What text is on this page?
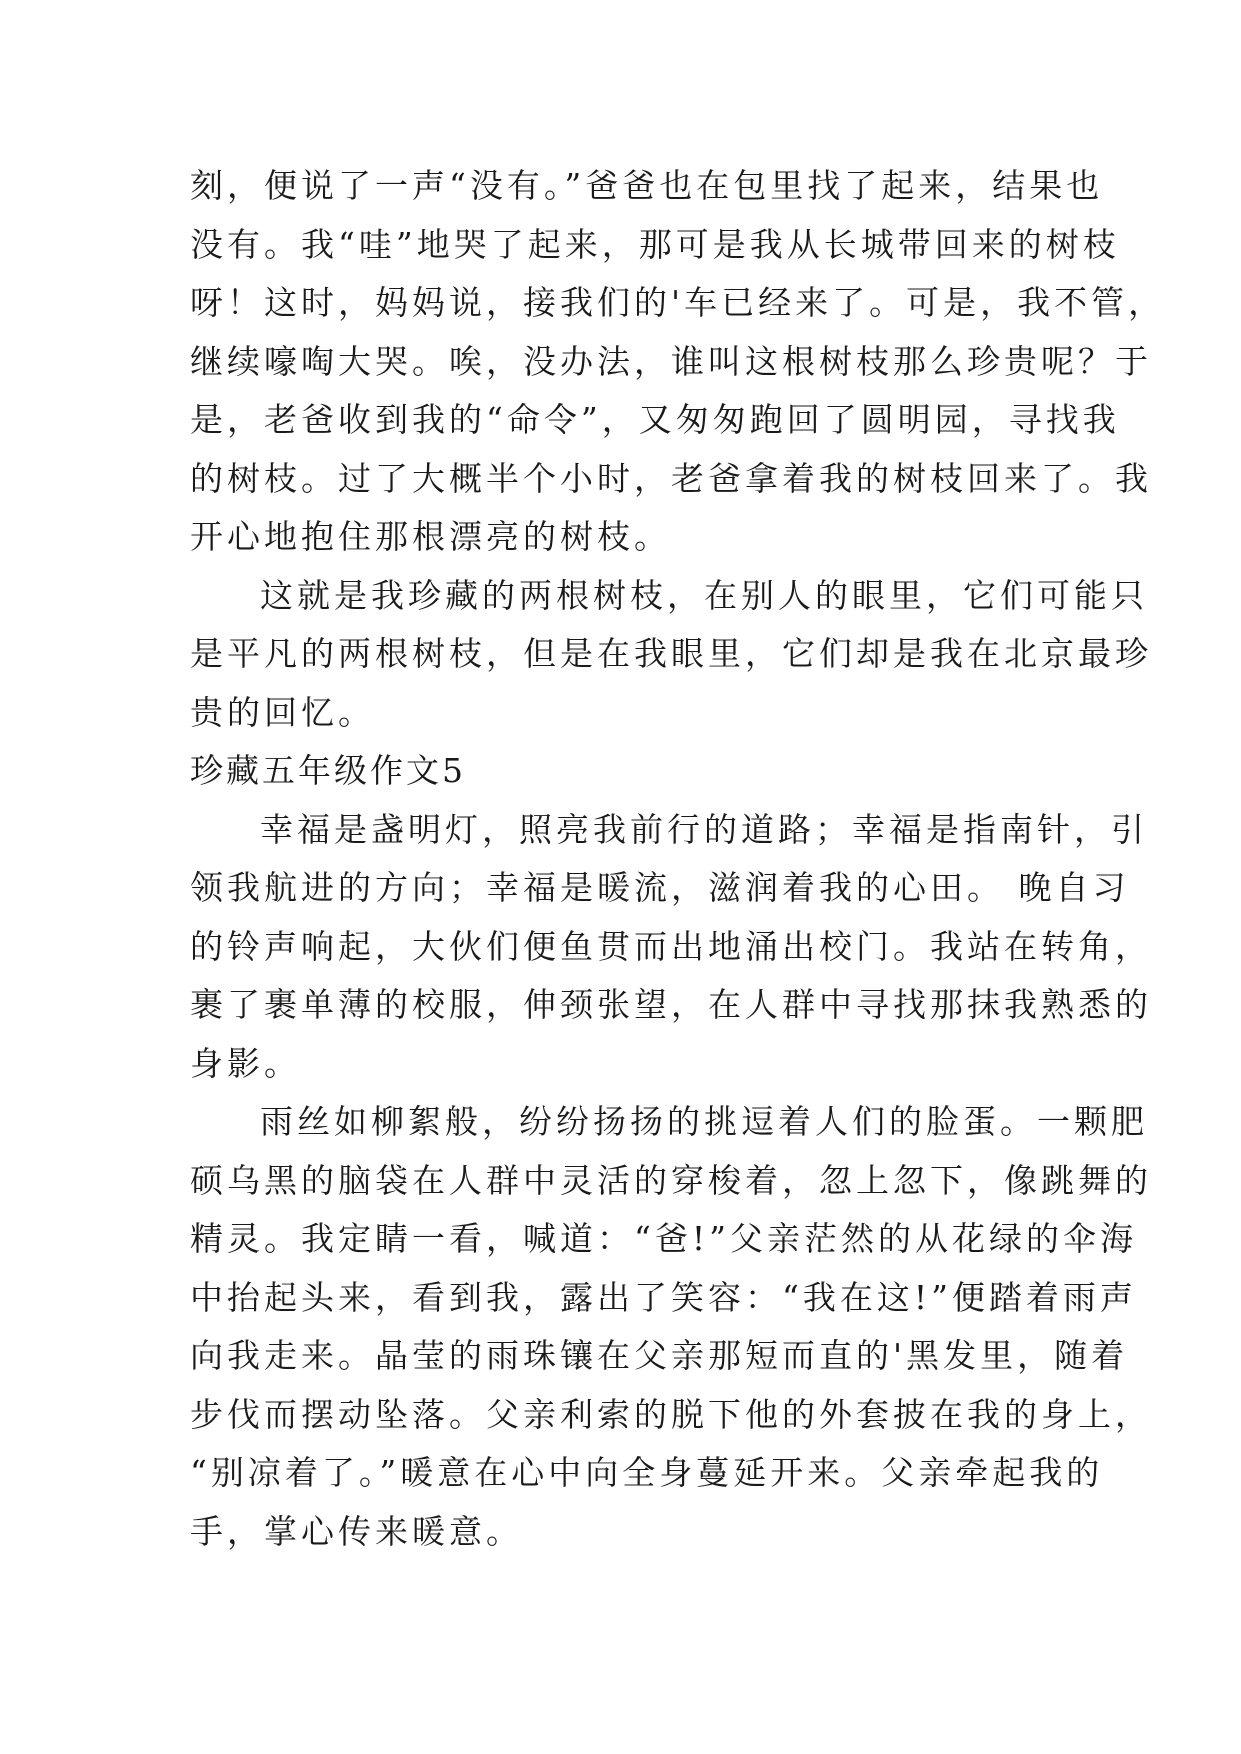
刻，便说了一声“没有。”爸爸也在包里找了起来，结果也
没有。我“哇”地哭了起来，那可是我从长城带回来的树枝
呀！这时，妈妈说，接我们的'车已经来了。可是，我不管，
继续嚎啕大哭。唉，没办法，谁叫这根树枝那么珍贵呢？于
是，老爸收到我的“命令”，又匆匆跑回了圆明园，寻找我
的树枝。过了大概半个小时，老爸拿着我的树枝回来了。我
开心地抱住那根漂亮的树枝。
这就是我珍藏的两根树枝，在别人的眼里，它们可能只
是平凡的两根树枝，但是在我眼里，它们却是我在北京最珍
贵的回忆。
珍藏五年级作文5
幸福是盏明灯，照亮我前行的道路；幸福是指南针，引
领我航进的方向；幸福是暖流，滋润着我的心田。 晚自习
的铃声响起，大伙们便鱼贯而出地涌出校门。我站在转角，
裹了裹单薄的校服，伸颈张望，在人群中寻找那抹我熟悉的
身影。
雨丝如柳絮般，纷纷扬扬的挑逗着人们的脸蛋。一颗肥
硕乌黑的脑袋在人群中灵活的穿梭着，忽上忽下，像跳舞的
精灵。我定睛一看，喊道：“爸!”父亲茫然的从花绿的伞海
中抬起头来，看到我，露出了笑容：“我在这!”便踏着雨声
向我走来。晶莹的雨珠镶在父亲那短而直的'黑发里，随着
步伐而摆动坠落。父亲利索的脱下他的外套披在我的身上，
“别凉着了。”暖意在心中向全身蔓延开来。父亲牵起我的
手，掌心传来暖意。
